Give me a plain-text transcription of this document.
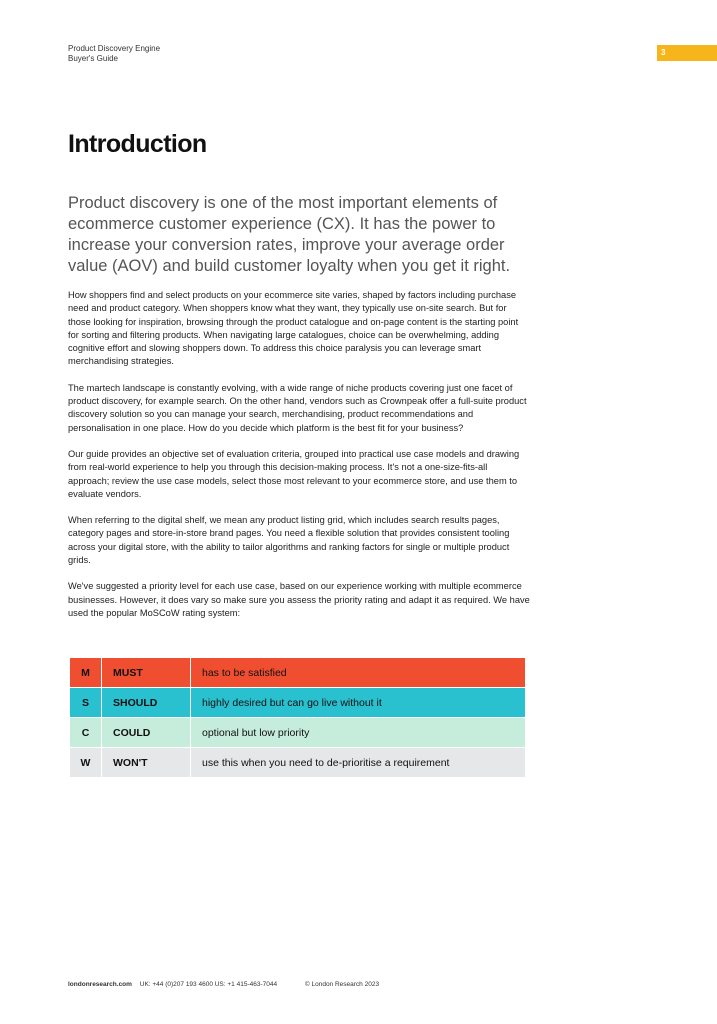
Product Discovery Engine
Buyer's Guide
3
Introduction

Product discovery is one of the most important elements of ecommerce customer experience (CX). It has the power to increase your conversion rates, improve your average order value (AOV) and build customer loyalty when you get it right.

How shoppers find and select products on your ecommerce site varies, shaped by factors including purchase need and product category. When shoppers know what they want, they typically use on-site search. But for those looking for inspiration, browsing through the product catalogue and on-page content is the starting point for sorting and filtering products. When navigating large catalogues, choice can be overwhelming, adding cognitive effort and slowing shoppers down. To address this choice paralysis you can leverage smart merchandising strategies.

The martech landscape is constantly evolving, with a wide range of niche products covering just one facet of product discovery, for example search. On the other hand, vendors such as Crownpeak offer a full-suite product discovery solution so you can manage your search, merchandising, product recommendations and personalisation in one place. How do you decide which platform is the best fit for your business?

Our guide provides an objective set of evaluation criteria, grouped into practical use case models and drawing from real-world experience to help you through this decision-making process. It's not a one-size-fits-all approach; review the use case models, select those most relevant to your ecommerce store, and use them to evaluate vendors.

When referring to the digital shelf, we mean any product listing grid, which includes search results pages, category pages and store-in-store brand pages. You need a flexible solution that provides consistent tooling across your digital store, with the ability to tailor algorithms and ranking factors for single or multiple product grids.

We've suggested a priority level for each use case, based on our experience working with multiple ecommerce businesses. However, it does vary so make sure you assess the priority rating and adapt it as required. We have used the popular MoSCoW rating system:

M	MUST	has to be satisfied
S	SHOULD	highly desired but can go live without it
C	COULD	optional but low priority
W	WON'T	use this when you need to de-prioritise a requirement
londonresearch.com UK: +44 (0)207 193 4600 US: +1 415-463-7044	© London Research 2023
